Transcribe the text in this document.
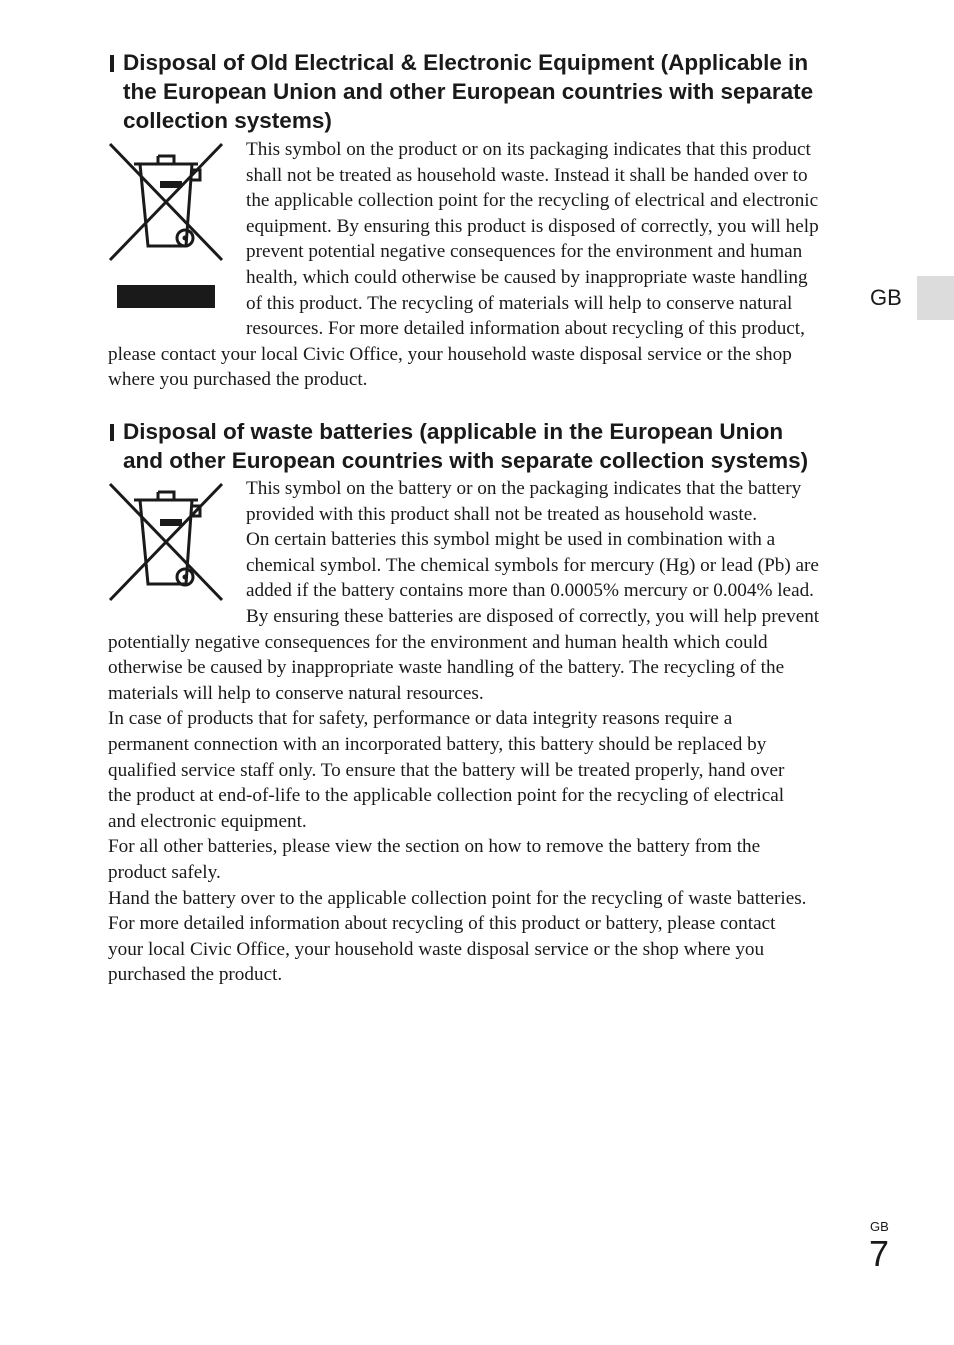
Disposal of Old Electrical & Electronic Equipment (Applicable in
the European Union and other European countries with separate
collection systems)
This symbol on the product or on its packaging indicates that this product
shall not be treated as household waste. Instead it shall be handed over to
the applicable collection point for the recycling of electrical and electronic
equipment. By ensuring this product is disposed of correctly, you will help
prevent potential negative consequences for the environment and human
health, which could otherwise be caused by inappropriate waste handling
of this product. The recycling of materials will help to conserve natural
resources. For more detailed information about recycling of this product,
please contact your local Civic Office, your household waste disposal service or the shop
where you purchased the product.
Disposal of waste batteries (applicable in the European Union
and other European countries with separate collection systems)
This symbol on the battery or on the packaging indicates that the battery
provided with this product shall not be treated as household waste.
On certain batteries this symbol might be used in combination with a
chemical symbol. The chemical symbols for mercury (Hg) or lead (Pb) are
added if the battery contains more than 0.0005% mercury or 0.004% lead.
By ensuring these batteries are disposed of correctly, you will help prevent
potentially negative consequences for the environment and human health which could
otherwise be caused by inappropriate waste handling of the battery. The recycling of the
materials will help to conserve natural resources.
In case of products that for safety, performance or data integrity reasons require a
permanent connection with an incorporated battery, this battery should be replaced by
qualified service staff only. To ensure that the battery will be treated properly, hand over
the product at end-of-life to the applicable collection point for the recycling of electrical
and electronic equipment.
For all other batteries, please view the section on how to remove the battery from the
product safely.
Hand the battery over to the applicable collection point for the recycling of waste batteries.
For more detailed information about recycling of this product or battery, please contact
your local Civic Office, your household waste disposal service or the shop where you
purchased the product.
GB
GB
7
